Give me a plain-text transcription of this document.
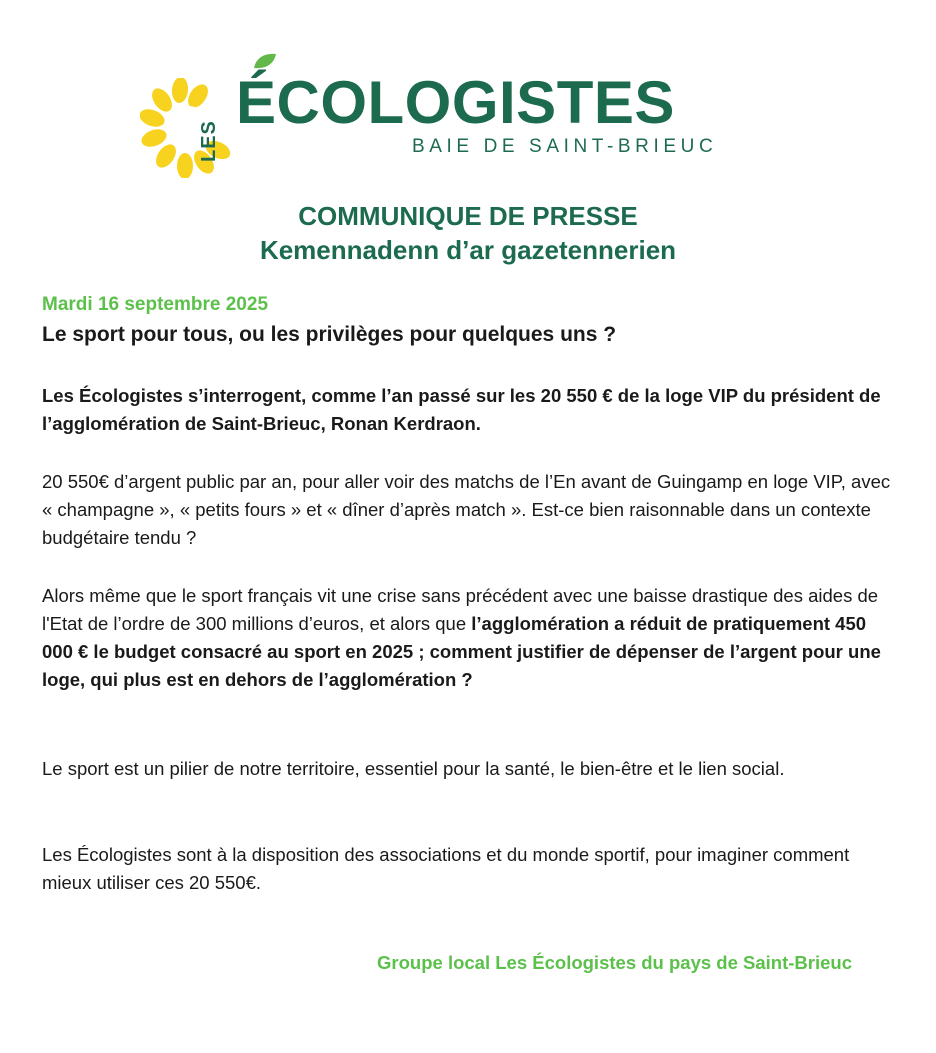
LES
ÉCOLOGISTES
BAIE DE SAINT-BRIEUC
COMMUNIQUE DE PRESSE
Kemennadenn d’ar gazetennerien
Mardi 16 septembre 2025
Le sport pour tous, ou les privilèges pour quelques uns ?

Les Écologistes s’interrogent, comme l’an passé sur les 20 550 € de la loge VIP du président de l’agglomération de Saint-Brieuc, Ronan Kerdraon.

20 550€ d’argent public par an, pour aller voir des matchs de l’En avant de Guingamp en loge VIP, avec « champagne », « petits fours » et « dîner d’après match ». Est-ce bien raisonnable dans un contexte budgétaire tendu ?

Alors même que le sport français vit une crise sans précédent avec une baisse drastique des aides de l'Etat de l’ordre de 300 millions d’euros, et alors que l’agglomération a réduit de pratiquement 450 000 € le budget consacré au sport en 2025 ; comment justifier de dépenser de l’argent pour une loge, qui plus est en dehors de l’agglomération ?

Le sport est un pilier de notre territoire, essentiel pour la santé, le bien-être et le lien social.

Les Écologistes sont à la disposition des associations et du monde sportif, pour imaginer comment mieux utiliser ces 20 550€.

Groupe local Les Écologistes du pays de Saint-Brieuc
